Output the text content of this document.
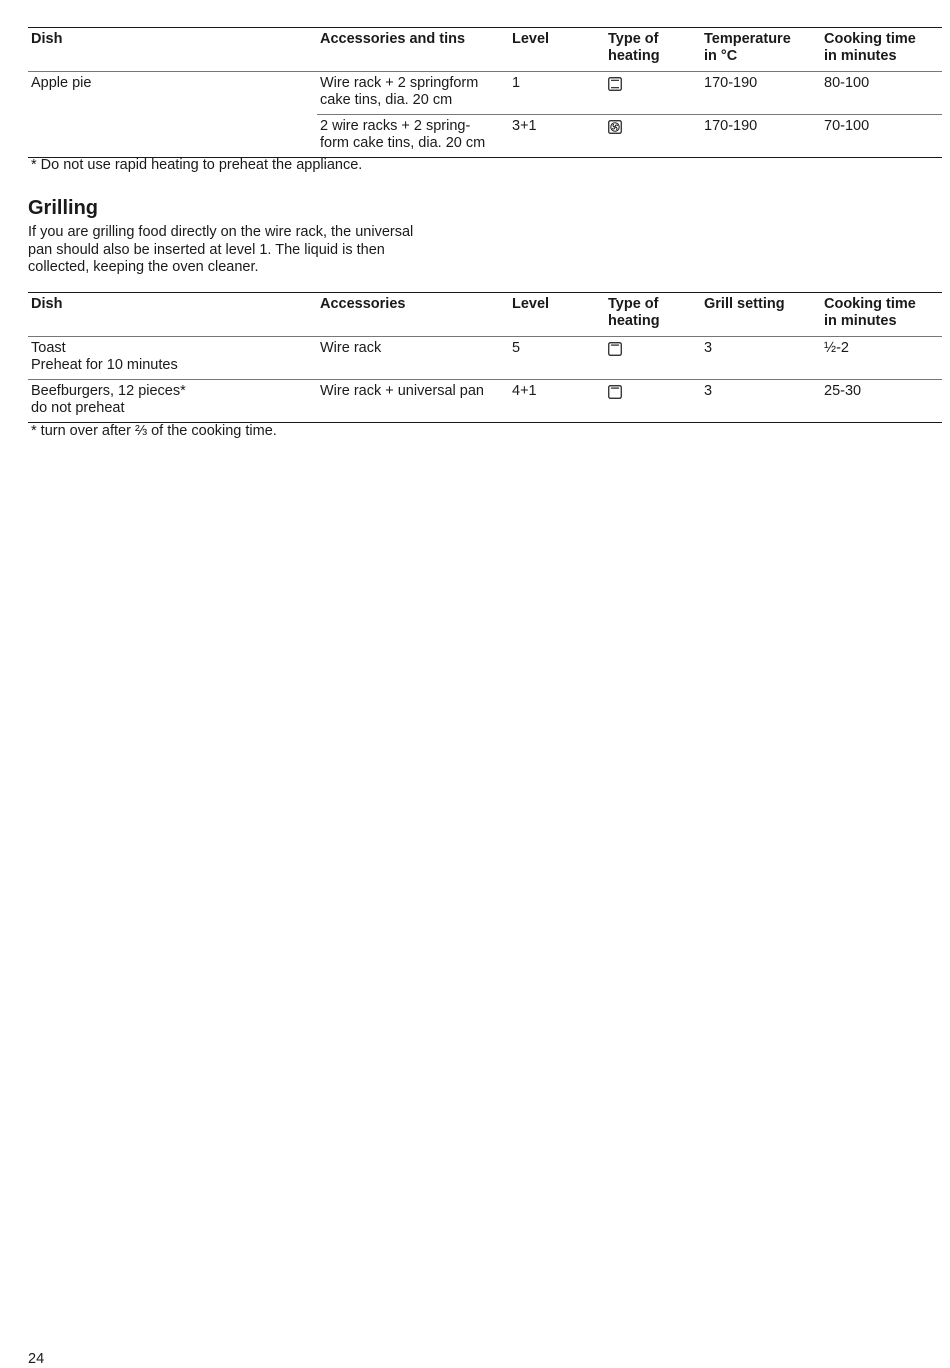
Dish	Accessories and tins	Level	Type of
heating	Temperature
in °C	Cooking time
in minutes

Apple pie	Wire rack + 2 springform
cake tins, dia. 20 cm	1		170-190	80-100

	2 wire racks + 2 spring-
form cake tins, dia. 20 cm	3+1		170-190	70-100
* Do not use rapid heating to preheat the appliance.
Grilling

If you are grilling food directly on the wire rack, the universal
pan should also be inserted at level 1. The liquid is then
collected, keeping the oven cleaner.

Dish	Accessories	Level	Type of
heating	Grill setting	Cooking time
in minutes

Toast
Preheat for 10 minutes	Wire rack	5		3	½-2

Beefburgers, 12 pieces*
do not preheat	Wire rack + universal pan	4+1		3	25-30
* turn over after ⅔ of the cooking time.
24
